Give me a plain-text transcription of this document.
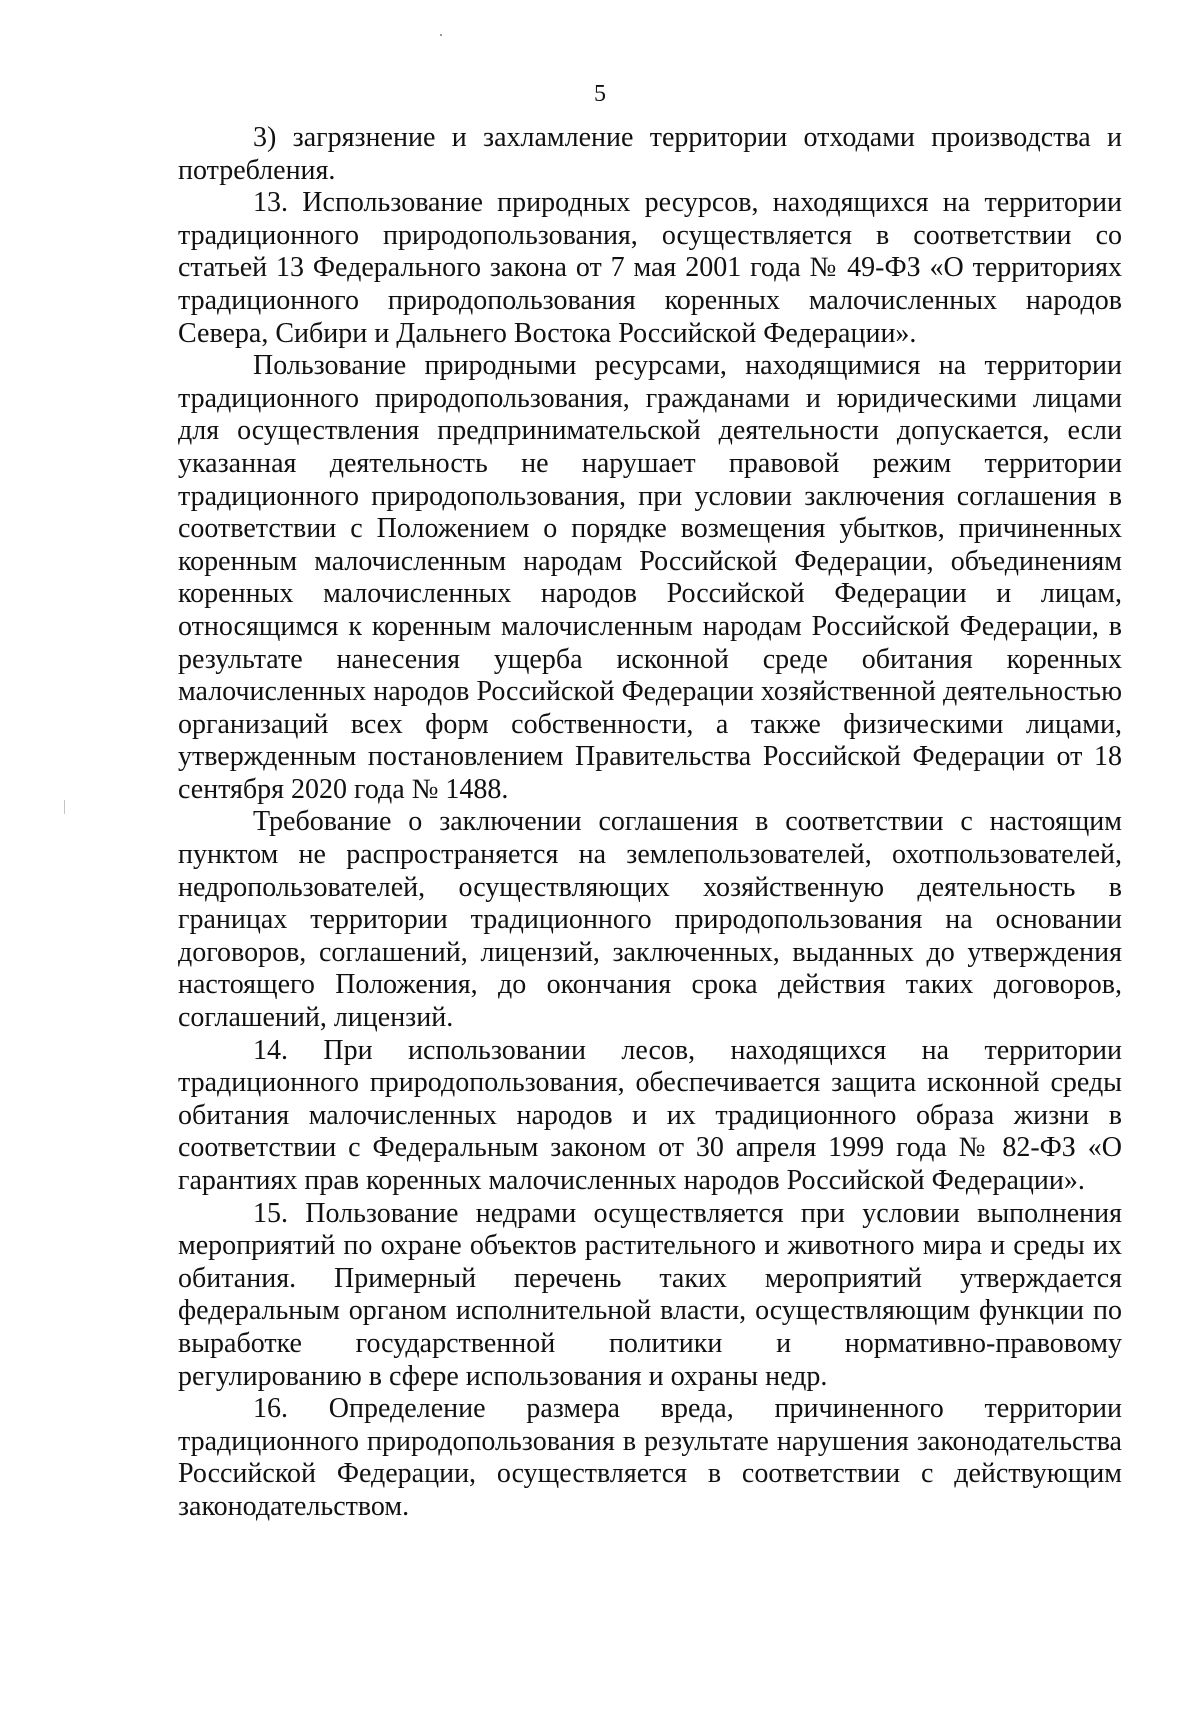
5

3) загрязнение и захламление территории отходами производства и потребления.

13. Использование природных ресурсов, находящихся на территории традиционного природопользования, осуществляется в соответствии со статьей 13 Федерального закона от 7 мая 2001 года № 49-ФЗ «О территориях традиционного природопользования коренных малочисленных народов Севера, Сибири и Дальнего Востока Российской Федерации».

Пользование природными ресурсами, находящимися на территории традиционного природопользования, гражданами и юридическими лицами для осуществления предпринимательской деятельности допускается, если указанная деятельность не нарушает правовой режим территории традиционного природопользования, при условии заключения соглашения в соответствии с Положением о порядке возмещения убытков, причиненных коренным малочисленным народам Российской Федерации, объединениям коренных малочисленных народов Российской Федерации и лицам, относящимся к коренным малочисленным народам Российской Федерации, в результате нанесения ущерба исконной среде обитания коренных малочисленных народов Российской Федерации хозяйственной деятельностью организаций всех форм собственности, а также физическими лицами, утвержденным постановлением Правительства Российской Федерации от 18 сентября 2020 года № 1488.

Требование о заключении соглашения в соответствии с настоящим пунктом не распространяется на землепользователей, охотпользователей, недропользователей, осуществляющих хозяйственную деятельность в границах территории традиционного природопользования на основании договоров, соглашений, лицензий, заключенных, выданных до утверждения настоящего Положения, до окончания срока действия таких договоров, соглашений, лицензий.

14. При использовании лесов, находящихся на территории традиционного природопользования, обеспечивается защита исконной среды обитания малочисленных народов и их традиционного образа жизни в соответствии с Федеральным законом от 30 апреля 1999 года № 82-ФЗ «О гарантиях прав коренных малочисленных народов Российской Федерации».

15. Пользование недрами осуществляется при условии выполнения мероприятий по охране объектов растительного и животного мира и среды их обитания. Примерный перечень таких мероприятий утверждается федеральным органом исполнительной власти, осуществляющим функции по выработке государственной политики и нормативно-правовому регулированию в сфере использования и охраны недр.

16. Определение размера вреда, причиненного территории традиционного природопользования в результате нарушения законодательства Российской Федерации, осуществляется в соответствии с действующим законодательством.
